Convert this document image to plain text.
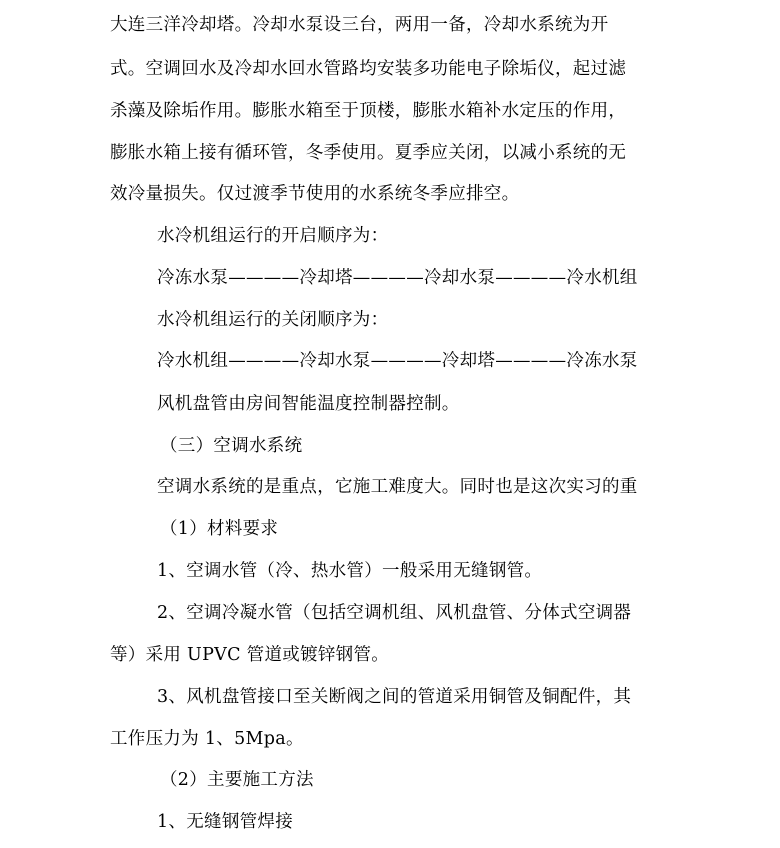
大连三洋冷却塔。冷却水泵设三台，两用一备，冷却水系统为开
式。空调回水及冷却水回水管路均安装多功能电子除垢仪，起过滤
杀藻及除垢作用。膨胀水箱至于顶楼，膨胀水箱补水定压的作用，
膨胀水箱上接有循环管，冬季使用。夏季应关闭，以减小系统的无
效冷量损失。仅过渡季节使用的水系统冬季应排空。
水冷机组运行的开启顺序为：
冷冻水泵————冷却塔————冷却水泵————冷水机组
水冷机组运行的关闭顺序为：
冷水机组————冷却水泵————冷却塔————冷冻水泵
风机盘管由房间智能温度控制器控制。
（三）空调水系统
空调水系统的是重点，它施工难度大。同时也是这次实习的重
（1）材料要求
1、空调水管（冷、热水管）一般采用无缝钢管。
2、空调冷凝水管（包括空调机组、风机盘管、分体式空调器
等）采用 UPVC 管道或镀锌钢管。
3、风机盘管接口至关断阀之间的管道采用铜管及铜配件，其
工作压力为 1、5Mpa。
（2）主要施工方法
1、无缝钢管焊接
